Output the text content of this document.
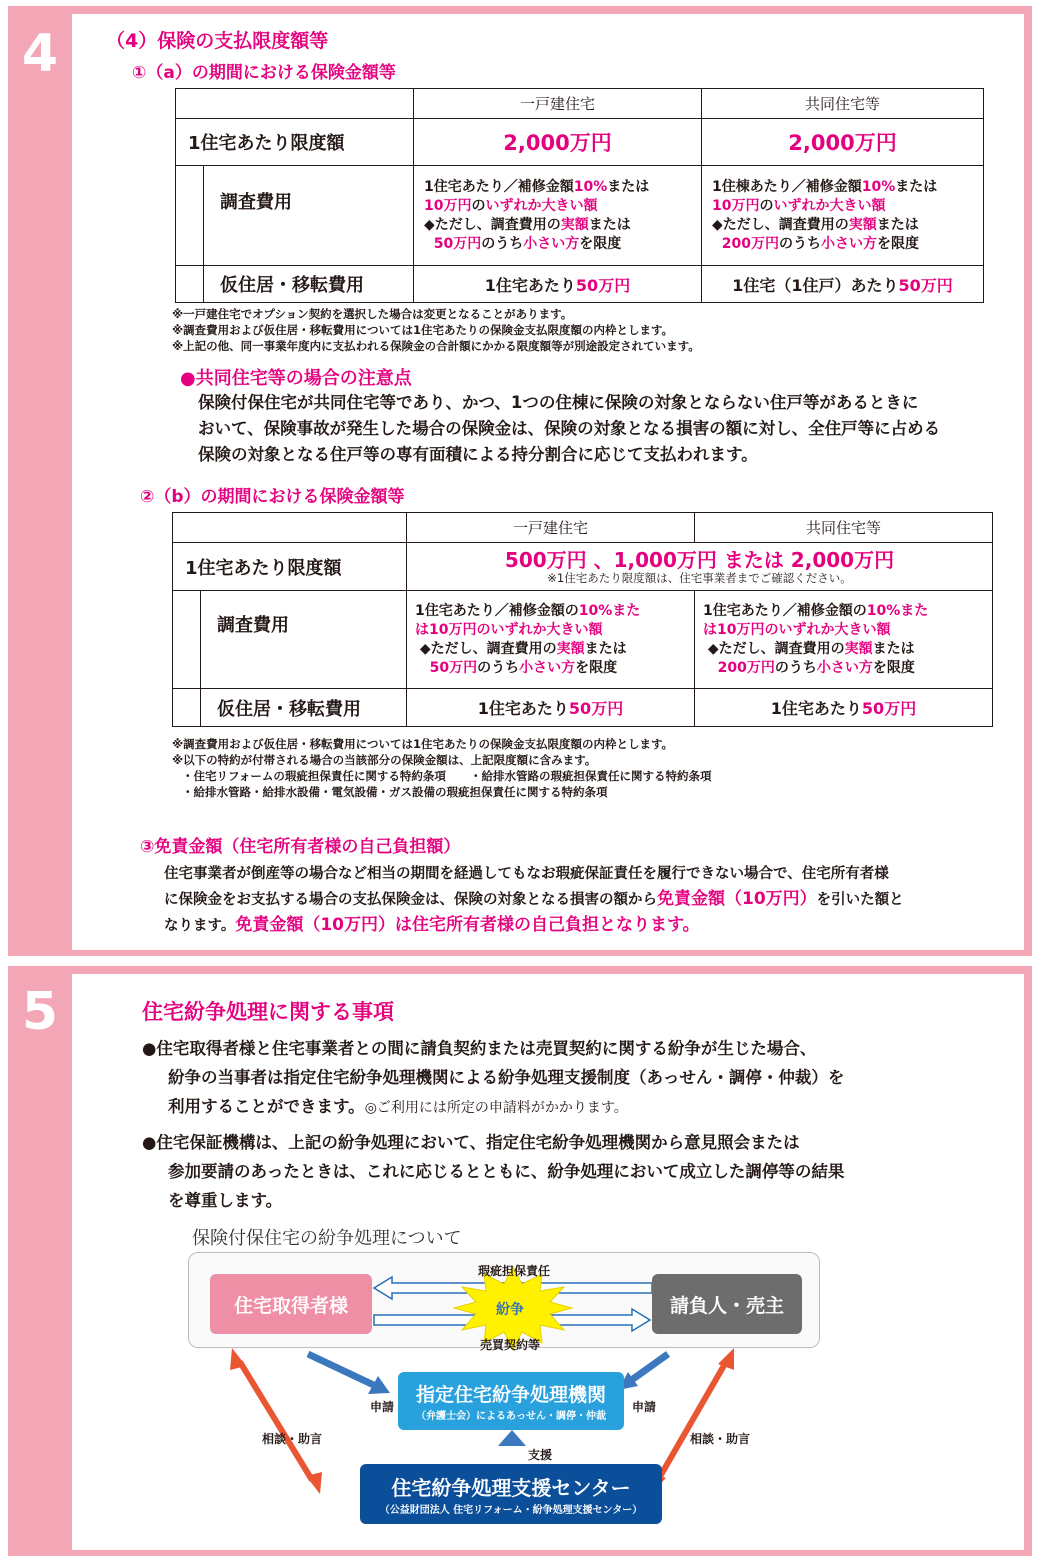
4	（4）保険の支払限度額等
①（a）の期間における保険金額等
		一戸建住宅	共同住宅等
1住宅あたり限度額		2,000万円	2,000万円
	調査費用	1住宅あたり／補修金額10%または
10万円のいずれか大きい額
◆ただし、調査費用の実額または
50万円のうち小さい方を限度	1住棟あたり／補修金額10%または
10万円のいずれか大きい額
◆ただし、調査費用の実額または
200万円のうち小さい方を限度
	仮住居・移転費用	1住宅あたり50万円	1住宅（1住戸）あたり50万円
※一戸建住宅でオプション契約を選択した場合は変更となることがあります。
※調査費用および仮住居・移転費用については1住宅あたりの保険金支払限度額の内枠とします。
※上記の他、同一事業年度内に支払われる保険金の合計額にかかる限度額等が別途設定されています。
●共同住宅等の場合の注意点
保険付保住宅が共同住宅等であり、かつ、1つの住棟に保険の対象とならない住戸等があるときに
おいて、保険事故が発生した場合の保険金は、保険の対象となる損害の額に対し、全住戸等に占める
保険の対象となる住戸等の専有面積による持分割合に応じて支払われます。
②（b）の期間における保険金額等
		一戸建住宅	共同住宅等
1住宅あたり限度額		500万円 、1,000万円 または 2,000万円
※1住宅あたり限度額は、住宅事業者までご確認ください。	

	調査費用	1住宅あたり／補修金額の10%また
は10万円のいずれか大きい額
◆ただし、調査費用の実額または
50万円のうち小さい方を限度	1住宅あたり／補修金額の10%また
は10万円のいずれか大きい額
◆ただし、調査費用の実額または
200万円のうち小さい方を限度
	仮住居・移転費用	1住宅あたり50万円	1住宅あたり50万円
※調査費用および仮住居・移転費用については1住宅あたりの保険金支払限度額の内枠とします。
※以下の特約が付帯される場合の当該部分の保険金額は、上記限度額に含みます。
・住宅リフォームの瑕疵担保責任に関する特約条項 ・給排水管路の瑕疵担保責任に関する特約条項
・給排水管路・給排水設備・電気設備・ガス設備の瑕疵担保責任に関する特約条項
③免責金額（住宅所有者様の自己負担額）
住宅事業者が倒産等の場合など相当の期間を経過してもなお瑕疵保証責任を履行できない場合で、住宅所有者様
に保険金をお支払する場合の支払保険金は、保険の対象となる損害の額から免責金額（10万円）を引いた額と
なります。免責金額（10万円）は住宅所有者様の自己負担となります。
5	住宅紛争処理に関する事項
●住宅取得者様と住宅事業者との間に請負契約または売買契約に関する紛争が生じた場合、
紛争の当事者は指定住宅紛争処理機関による紛争処理支援制度（あっせん・調停・仲裁）を
利用することができます。◎ご利用には所定の申請料がかかります。
●住宅保証機構は、上記の紛争処理において、指定住宅紛争処理機関から意見照会または
参加要請のあったときは、これに応じるとともに、紛争処理において成立した調停等の結果
を尊重します。
保険付保住宅の紛争処理について
住宅取得者様	請負人・売主
瑕疵担保責任
紛争
売買契約等
指定住宅紛争処理機関
（弁護士会）によるあっせん・調停・仲裁
申請	申請
相談・助言	相談・助言
支援
住宅紛争処理支援センター
（公益財団法人 住宅リフォーム・紛争処理支援センター）
